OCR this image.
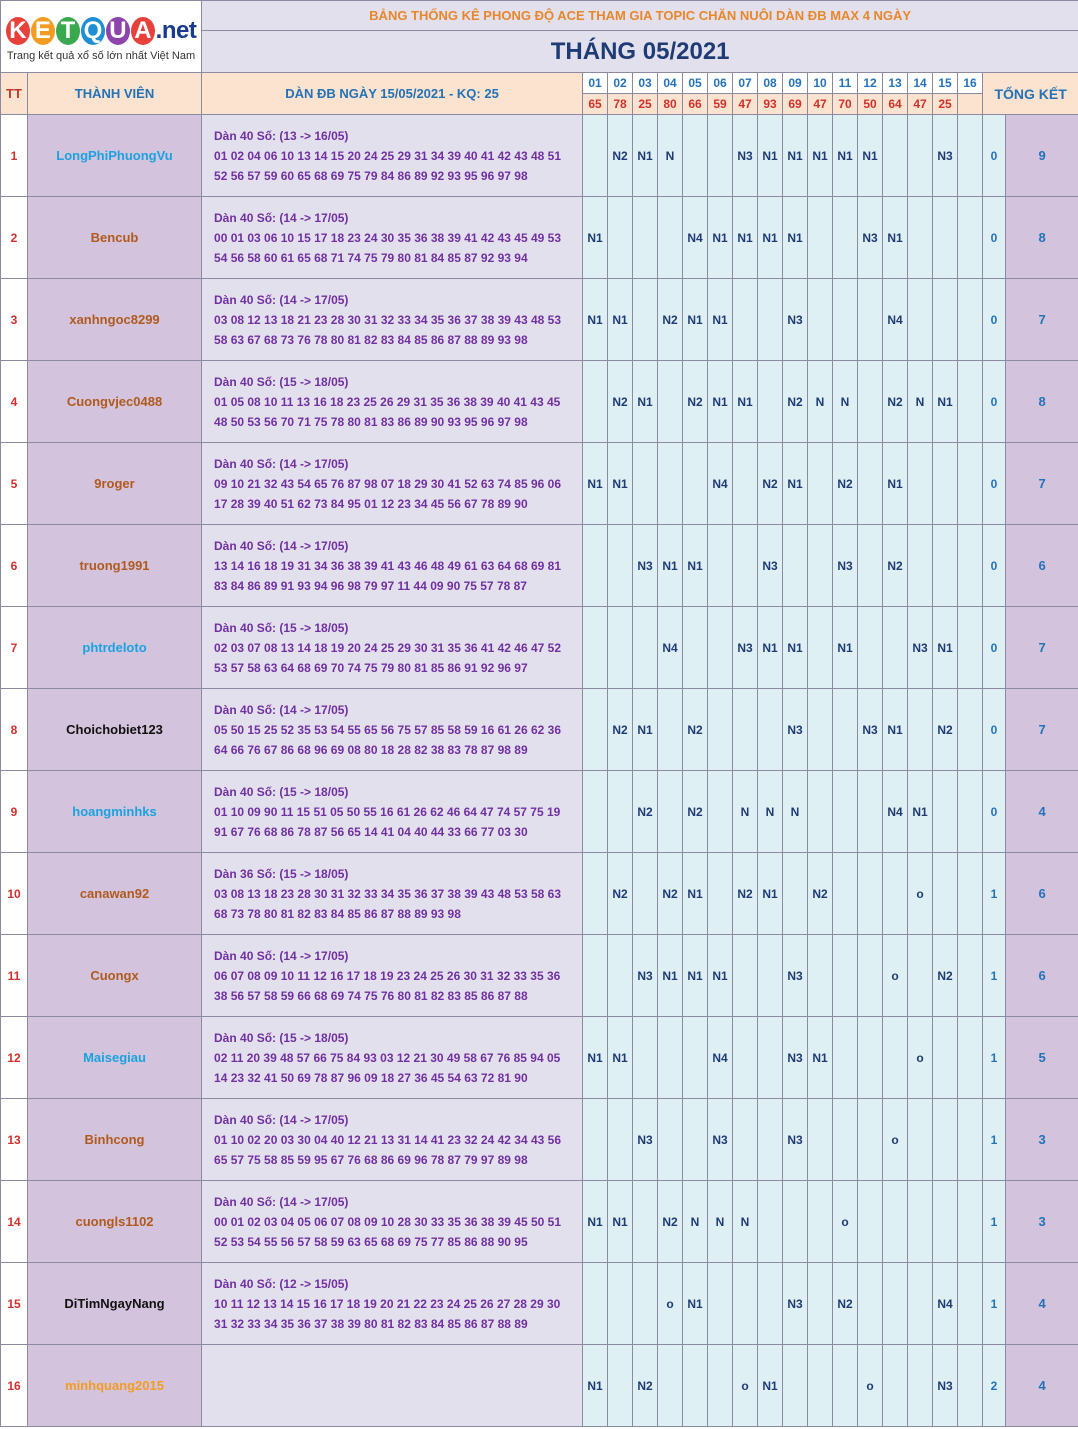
K E T Q U A .net
Trang kết quả xổ số lớn nhất Việt Nam		BẢNG THỐNG KÊ PHONG ĐỘ ACE THAM GIA TOPIC CHĂN NUÔI DÀN ĐB MAX 4 NGÀY																		
		THÁNG 05/2021																		
TT	THÀNH VIÊN	DÀN ĐB NGÀY 15/05/2021 - KQ: 25	01	02	03	04	05	06	07	08	09	10	11	12	13	14	15	16	TỔNG KẾT	
			65	78	25	80	66	59	47	93	69	47	70	50	64	47	25			
1	LongPhiPhuongVu	Dàn 40 Số: (13 -> 16/05)
01 02 04 06 10 13 14 15 20 24 25 29 31 34 39 40 41 42 43 48 51
52 56 57 59 60 65 68 69 75 79 84 86 89 92 93 95 96 97 98		N2	N1	N			N3	N1	N1	N1	N1	N1			N3		0	9
2	Bencub	Dàn 40 Số: (14 -> 17/05)
00 01 03 06 10 15 17 18 23 24 30 35 36 38 39 41 42 43 45 49 53
54 56 58 60 61 65 68 71 74 75 79 80 81 84 85 87 92 93 94	N1				N4	N1	N1	N1	N1			N3	N1				0	8
3	xanhngoc8299	Dàn 40 Số: (14 -> 17/05)
03 08 12 13 18 21 23 28 30 31 32 33 34 35 36 37 38 39 43 48 53
58 63 67 68 73 76 78 80 81 82 83 84 85 86 87 88 89 93 98	N1	N1		N2	N1	N1			N3				N4				0	7
4	Cuongvjec0488	Dàn 40 Số: (15 -> 18/05)
01 05 08 10 11 13 16 18 23 25 26 29 31 35 36 38 39 40 41 43 45
48 50 53 56 70 71 75 78 80 81 83 86 89 90 93 95 96 97 98		N2	N1		N2	N1	N1		N2	N	N		N2	N	N1		0	8
5	9roger	Dàn 40 Số: (14 -> 17/05)
09 10 21 32 43 54 65 76 87 98 07 18 29 30 41 52 63 74 85 96 06
17 28 39 40 51 62 73 84 95 01 12 23 34 45 56 67 78 89 90	N1	N1				N4		N2	N1		N2		N1				0	7
6	truong1991	Dàn 40 Số: (14 -> 17/05)
13 14 16 18 19 31 34 36 38 39 41 43 46 48 49 61 63 64 68 69 81
83 84 86 89 91 93 94 96 98 79 97 11 44 09 90 75 57 78 87			N3	N1	N1			N3			N3		N2				0	6
7	phtrdeloto	Dàn 40 Số: (15 -> 18/05)
02 03 07 08 13 14 18 19 20 24 25 29 30 31 35 36 41 42 46 47 52
53 57 58 63 64 68 69 70 74 75 79 80 81 85 86 91 92 96 97				N4			N3	N1	N1		N1			N3	N1		0	7
8	Choichobiet123	Dàn 40 Số: (14 -> 17/05)
05 50 15 25 52 35 53 54 55 65 56 75 57 85 58 59 16 61 26 62 36
64 66 76 67 86 68 96 69 08 80 18 28 82 38 83 78 87 98 89		N2	N1		N2				N3			N3	N1		N2		0	7
9	hoangminhks	Dàn 40 Số: (15 -> 18/05)
01 10 09 90 11 15 51 05 50 55 16 61 26 62 46 64 47 74 57 75 19
91 67 76 68 86 78 87 56 65 14 41 04 40 44 33 66 77 03 30			N2		N2		N	N	N				N4	N1			0	4
10	canawan92	Dàn 36 Số: (15 -> 18/05)
03 08 13 18 23 28 30 31 32 33 34 35 36 37 38 39 43 48 53 58 63
68 73 78 80 81 82 83 84 85 86 87 88 89 93 98		N2		N2	N1		N2	N1		N2				o			1	6
11	Cuongx	Dàn 40 Số: (14 -> 17/05)
06 07 08 09 10 11 12 16 17 18 19 23 24 25 26 30 31 32 33 35 36
38 56 57 58 59 66 68 69 74 75 76 80 81 82 83 85 86 87 88			N3	N1	N1	N1			N3				o		N2		1	6
12	Maisegiau	Dàn 40 Số: (15 -> 18/05)
02 11 20 39 48 57 66 75 84 93 03 12 21 30 49 58 67 76 85 94 05
14 23 32 41 50 69 78 87 96 09 18 27 36 45 54 63 72 81 90	N1	N1				N4			N3	N1				o			1	5
13	Binhcong	Dàn 40 Số: (14 -> 17/05)
01 10 02 20 03 30 04 40 12 21 13 31 14 41 23 32 24 42 34 43 56
65 57 75 58 85 59 95 67 76 68 86 69 96 78 87 79 97 89 98			N3			N3			N3				o				1	3
14	cuongls1102	Dàn 40 Số: (14 -> 17/05)
00 01 02 03 04 05 06 07 08 09 10 28 30 33 35 36 38 39 45 50 51
52 53 54 55 56 57 58 59 63 65 68 69 75 77 85 86 88 90 95	N1	N1		N2	N	N	N				o						1	3
15	DiTimNgayNang	Dàn 40 Số: (12 -> 15/05)
10 11 12 13 14 15 16 17 18 19 20 21 22 23 24 25 26 27 28 29 30
31 32 33 34 35 36 37 38 39 80 81 82 83 84 85 86 87 88 89				o	N1				N3		N2				N4		1	4
16	minhquang2015		N1		N2				o	N1				o			N3		2	4
